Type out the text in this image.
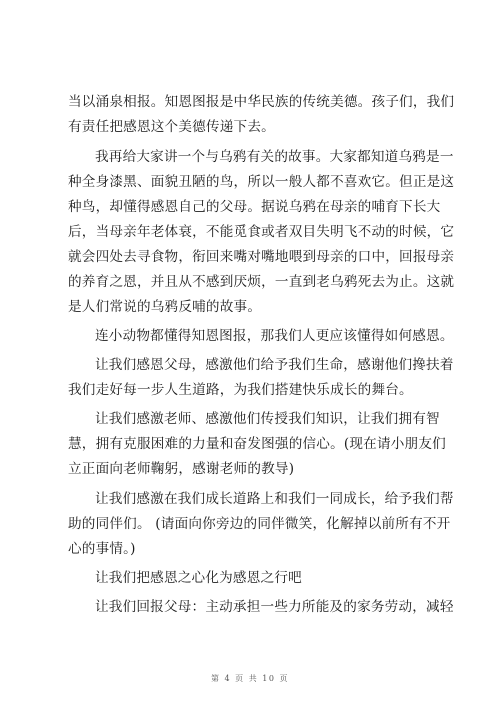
当以涌泉相报。知恩图报是中华民族的传统美德。孩子们，我们
有责任把感恩这个美德传递下去。
我再给大家讲一个与乌鸦有关的故事。大家都知道乌鸦是一
种全身漆黑、面貌丑陋的鸟，所以一般人都不喜欢它。但正是这
种鸟，却懂得感恩自己的父母。据说乌鸦在母亲的哺育下长大
后，当母亲年老体衰，不能觅食或者双目失明飞不动的时候，它
就会四处去寻食物，衔回来嘴对嘴地喂到母亲的口中，回报母亲
的养育之恩，并且从不感到厌烦，一直到老乌鸦死去为止。这就
是人们常说的乌鸦反哺的故事。
连小动物都懂得知恩图报，那我们人更应该懂得如何感恩。
让我们感恩父母，感激他们给予我们生命，感谢他们搀扶着
我们走好每一步人生道路，为我们搭建快乐成长的舞台。
让我们感激老师、感激他们传授我们知识，让我们拥有智
慧，拥有克服困难的力量和奋发图强的信心。(现在请小朋友们
立正面向老师鞠躬，感谢老师的教导)
让我们感激在我们成长道路上和我们一同成长，给予我们帮
助的同伴们。 (请面向你旁边的同伴微笑，化解掉以前所有不开
心的事情。)
让我们把感恩之心化为感恩之行吧
让我们回报父母：主动承担一些力所能及的家务劳动，减轻
第 4 页 共 10 页
